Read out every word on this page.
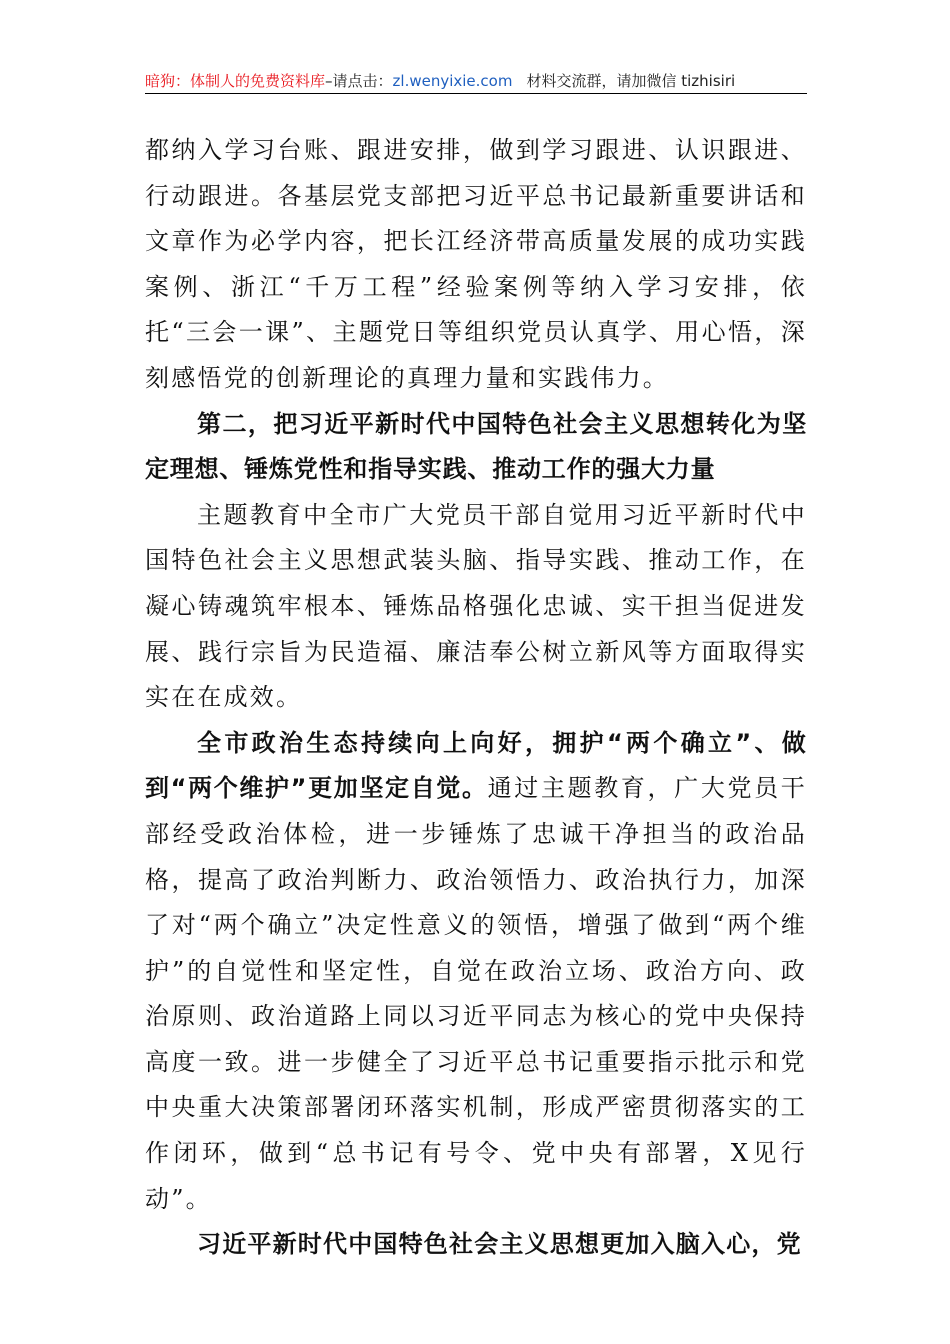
暗狗：体制人的免费资料库–请点击：zl.wenyixie.com 材料交流群，请加微信 tizhisiri

都纳入学习台账、跟进安排，做到学习跟进、认识跟进、行动跟进。各基层党支部把习近平总书记最新重要讲话和文章作为必学内容，把长江经济带高质量发展的成功实践案例、浙江“千万工程”经验案例等纳入学习安排，依托“三会一课”、主题党日等组织党员认真学、用心悟，深刻感悟党的创新理论的真理力量和实践伟力。

第二，把习近平新时代中国特色社会主义思想转化为坚定理想、锤炼党性和指导实践、推动工作的强大力量

主题教育中全市广大党员干部自觉用习近平新时代中国特色社会主义思想武装头脑、指导实践、推动工作，在凝心铸魂筑牢根本、锤炼品格强化忠诚、实干担当促进发展、践行宗旨为民造福、廉洁奉公树立新风等方面取得实实在在成效。

全市政治生态持续向上向好，拥护“两个确立”、做到“两个维护”更加坚定自觉。通过主题教育，广大党员干部经受政治体检，进一步锤炼了忠诚干净担当的政治品格，提高了政治判断力、政治领悟力、政治执行力，加深了对“两个确立”决定性意义的领悟，增强了做到“两个维护”的自觉性和坚定性，自觉在政治立场、政治方向、政治原则、政治道路上同以习近平同志为核心的党中央保持高度一致。进一步健全了习近平总书记重要指示批示和党中央重大决策部署闭环落实机制，形成严密贯彻落实的工作闭环，做到“总书记有号令、党中央有部署，X见行动”。

习近平新时代中国特色社会主义思想更加入脑入心，党
